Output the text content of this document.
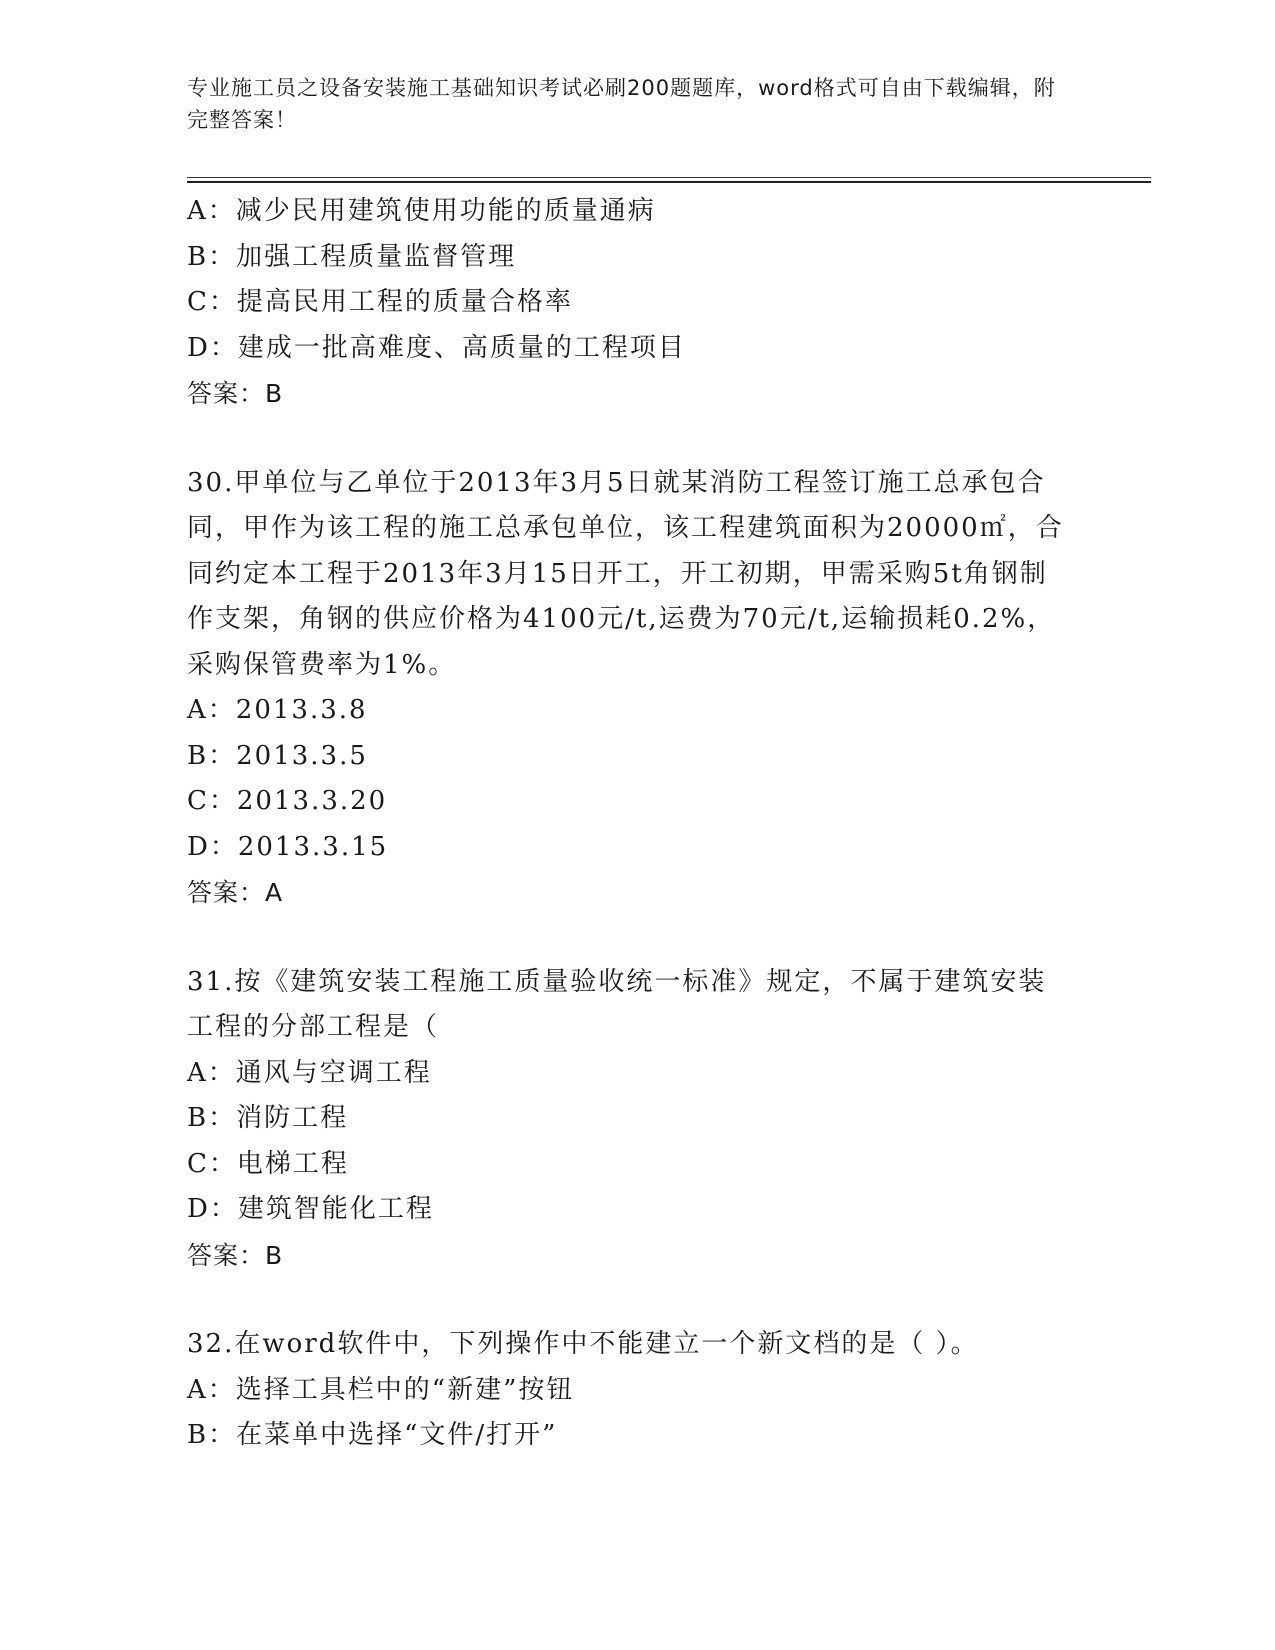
专业施工员之设备安装施工基础知识考试必刷200题题库，word格式可自由下载编辑，附完整答案！
A：减少民用建筑使用功能的质量通病
B：加强工程质量监督管理
C：提高民用工程的质量合格率
D：建成一批高难度、高质量的工程项目
答案：B
30.甲单位与乙单位于2013年3月5日就某消防工程签订施工总承包合同，甲作为该工程的施工总承包单位，该工程建筑面积为20000㎡，合同约定本工程于2013年3月15日开工，开工初期，甲需采购5t角钢制作支架，角钢的供应价格为4100元/t,运费为70元/t,运输损耗0.2%，采购保管费率为1%。
A：2013.3.8
B：2013.3.5
C：2013.3.20
D：2013.3.15
答案：A
31.按《建筑安装工程施工质量验收统一标准》规定，不属于建筑安装工程的分部工程是（
A：通风与空调工程
B：消防工程
C：电梯工程
D：建筑智能化工程
答案：B
32.在word软件中，下列操作中不能建立一个新文档的是（ ）。
A：选择工具栏中的“新建”按钮
B：在菜单中选择“文件/打开”
